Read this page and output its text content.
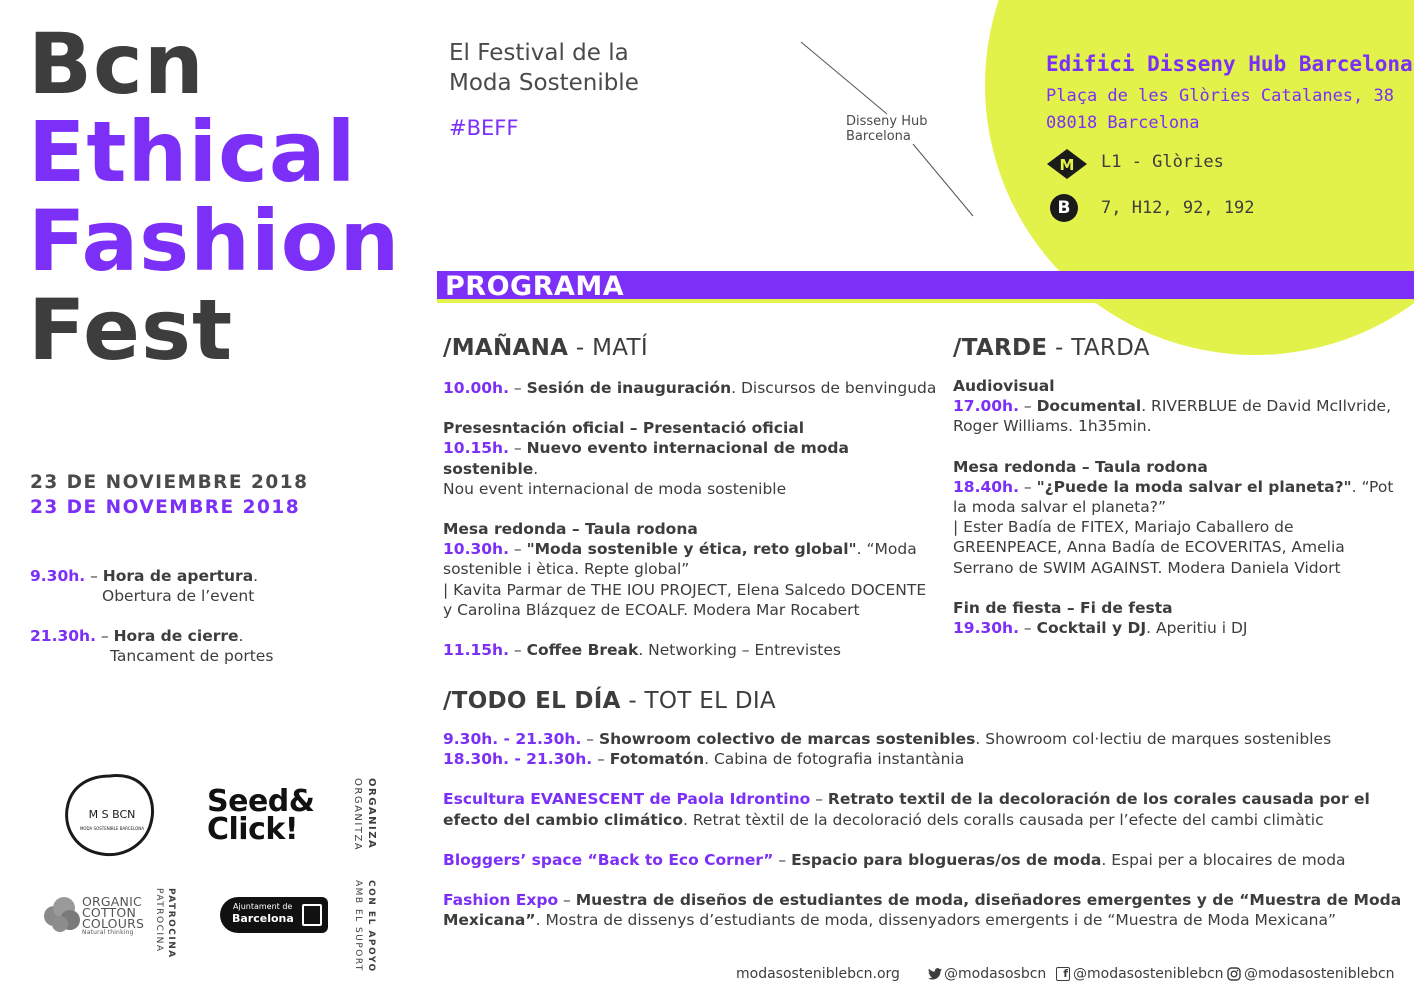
Bcn
Ethical
Fashion
Fest
El Festival de la
Moda Sostenible
#BEFF	Disseny Hub
Barcelona
Edifici Disseny Hub Barcelona
Plaça de les Glòries Catalanes, 38
08018 Barcelona
M L1 - Glòries
B	7, H12, 92, 192
PROGRAMA
23 DE NOVIEMBRE 2018
23 DE NOVEMBRE 2018

9.30h. – Hora de apertura.

Obertura de l’event

21.30h. – Hora de cierre.

Tancament de portes

/MAÑANA - MATÍ

10.00h. – Sesión de inauguración. Discursos de benvinguda

Presesntación oficial – Presentació oficial

10.15h. – Nuevo evento internacional de moda sostenible.

Nou event internacional de moda sostenible

Mesa redonda – Taula rodona

10.30h. – "Moda sostenible y ética, reto global". “Moda

sostenible i ètica. Repte global”

| Kavita Parmar de THE IOU PROJECT, Elena Salcedo DOCENTE

y Carolina Blázquez de ECOALF. Modera Mar Rocabert

11.15h. – Coffee Break. Networking – Entrevistes

/TARDE - TARDA

Audiovisual

17.00h. – Documental. RIVERBLUE de David McIlvride,

Roger Williams. 1h35min.

Mesa redonda – Taula rodona

18.40h. – "¿Puede la moda salvar el planeta?". “Pot

la moda salvar el planeta?”

| Ester Badía de FITEX, Mariajo Caballero de

GREENPEACE, Anna Badía de ECOVERITAS, Amelia

Serrano de SWIM AGAINST. Modera Daniela Vidort

Fin de fiesta – Fi de festa

19.30h. – Cocktail y DJ. Aperitiu i DJ

/TODO EL DÍA - TOT EL DIA

9.30h. - 21.30h. – Showroom colectivo de marcas sostenibles. Showroom col·lectiu de marques sostenibles

18.30h. - 21.30h. – Fotomatón. Cabina de fotografia instantània

Escultura EVANESCENT de Paola Idrontino – Retrato textil de la decoloración de los corales causada por el

efecto del cambio climático. Retrat tèxtil de la decoloració dels coralls causada per l’efecte del cambi climàtic

Bloggers’ space “Back to Eco Corner” – Espacio para blogueras/os de moda. Espai per a blocaires de moda

Fashion Expo – Muestra de diseños de estudiantes de moda, diseñadores emergentes y de “Muestra de Moda

Mexicana”. Mostra de dissenys d’estudiants de moda, dissenyadors emergents i de “Muestra de Moda Mexicana”

M S BCN
MODA SOSTENIBLE BARCELONA
Seed&
Click!	ORGANIZA
ORGANITZA
ORGANIC
COTTON
COLOURS
Natural thinking	PATROCINA
PATROCINA	Ajuntament de
Barcelona	CON EL APOYO
AMB EL SUPORT
modasosteniblebcn.org	@modasosbcn	f @modasosteniblebcn @modasosteniblebcn
